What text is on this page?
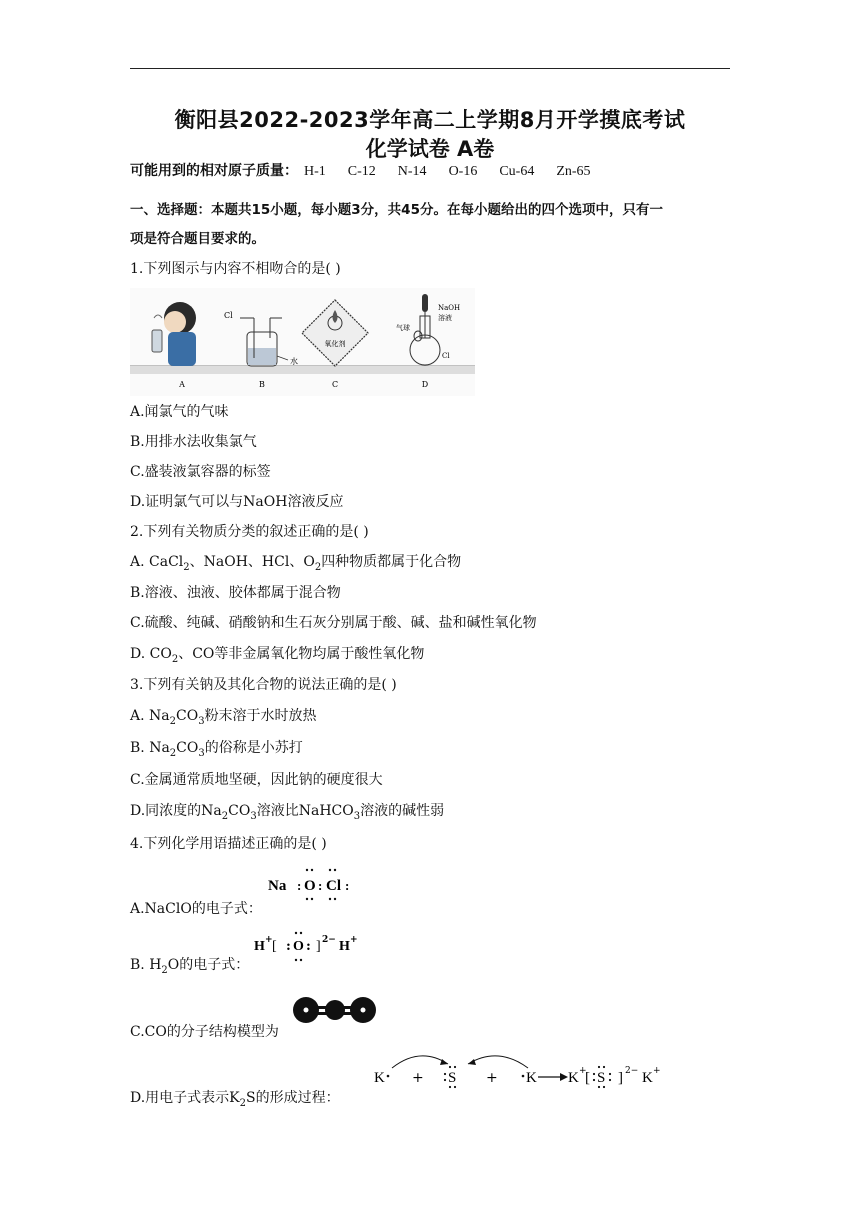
衡阳县2022-2023学年高二上学期8月开学摸底考试
化学试卷 A卷
可能用到的相对原子质量： H-1 C-12 N-14 O-16 Cu-64 Zn-65
一、选择题：本题共15小题，每小题3分，共45分。在每小题给出的四个选项中，只有一
项是符合题目要求的。
1.下列图示与内容不相吻合的是( )
A
Cl
水
B
氧化剂
C
NaOH
溶液
气球
Cl
D
A.闻氯气的气味
B.用排水法收集氯气
C.盛装液氯容器的标签
D.证明氯气可以与NaOH溶液反应
2.下列有关物质分类的叙述正确的是( )
A. CaCl$_2$、NaOH、HCl、$O_2$四种物质都属于化合物
B.溶液、浊液、胶体都属于混合物
C.硫酸、纯碱、硝酸钠和生石灰分别属于酸、碱、盐和碱性氧化物
D. $CO_2$、CO等非金属氧化物均属于酸性氧化物
3.下列有关钠及其化合物的说法正确的是( )
A. $Na_2CO_3$粉末溶于水时放热
B. $Na_2CO_3$的俗称是小苏打
C.金属通常质地坚硬，因此钠的硬度很大
D.同浓度的$Na_2CO_3$溶液比NaHCO$_3$溶液的碱性弱
4.下列化学用语描述正确的是( )
Na : O : Cl :
A.NaClO的电子式：
H + [ : O : ] 2− H +
B. $H_2O$的电子式：
C.CO的分子结构模型为
K + S + K K +
[ S ] 2− K +
D.用电子式表示$K_2S$的形成过程：
